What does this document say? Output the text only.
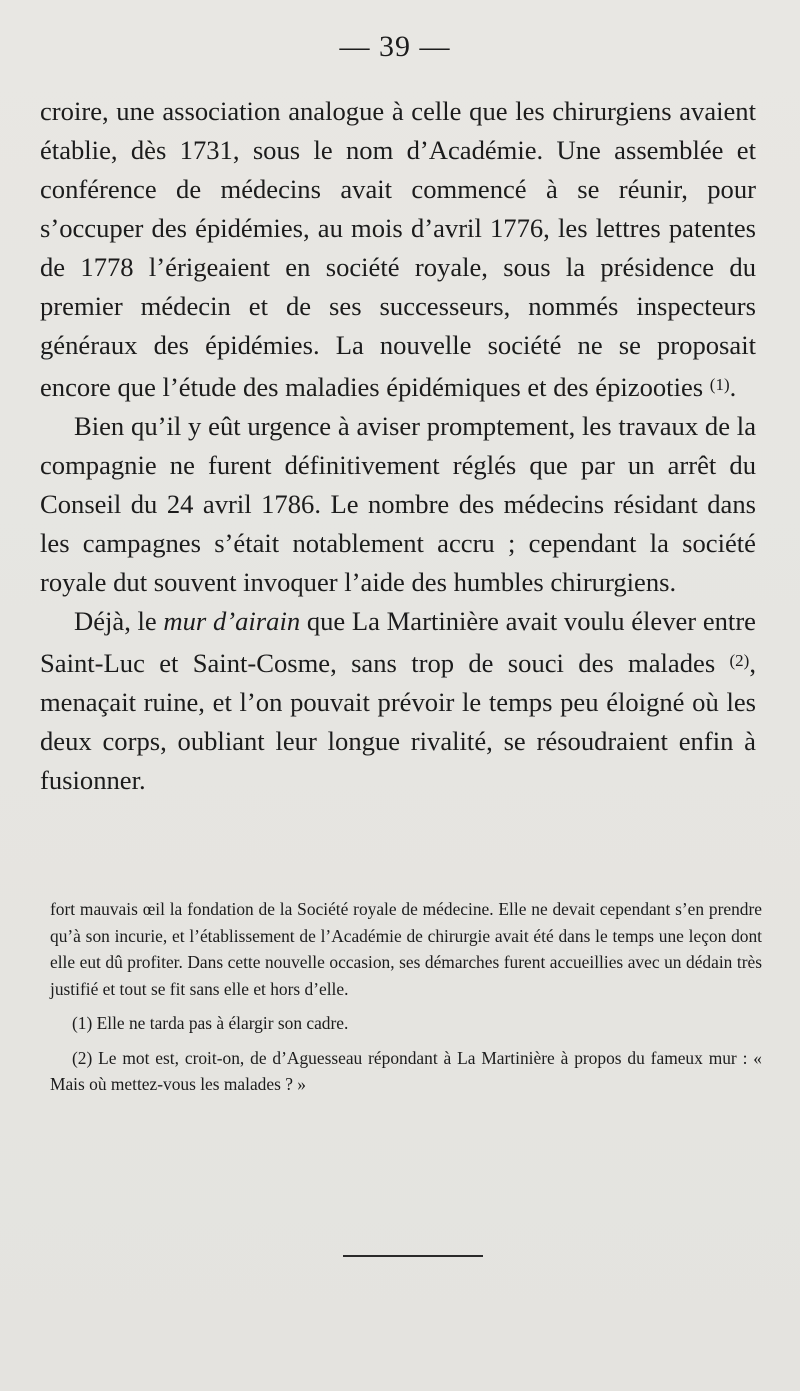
— 39 —

croire, une association analogue à celle que les chirurgiens avaient établie, dès 1731, sous le nom d’Académie. Une assemblée et conférence de médecins avait commencé à se réunir, pour s’occuper des épidémies, au mois d’avril 1776, les lettres patentes de 1778 l’érigeaient en société royale, sous la présidence du premier médecin et de ses successeurs, nommés inspecteurs généraux des épidémies. La nouvelle société ne se proposait encore que l’étude des maladies épidémiques et des épizooties $^{(1)}$.

Bien qu’il y eût urgence à aviser promptement, les travaux de la compagnie ne furent définitivement réglés que par un arrêt du Conseil du 24 avril 1786. Le nombre des médecins résidant dans les campagnes s’était notablement accru ; cependant la société royale dut souvent invoquer l’aide des humbles chirurgiens.

Déjà, le mur d’airain que La Martinière avait voulu élever entre Saint-Luc et Saint-Cosme, sans trop de souci des malades $^{(2)}$, menaçait ruine, et l’on pouvait prévoir le temps peu éloigné où les deux corps, oubliant leur longue rivalité, se résoudraient enfin à fusionner.

fort mauvais œil la fondation de la Société royale de médecine. Elle ne devait cependant s’en prendre qu’à son incurie, et l’établissement de l’Académie de chirurgie avait été dans le temps une leçon dont elle eut dû profiter. Dans cette nouvelle occasion, ses démarches furent accueillies avec un dédain très justifié et tout se fit sans elle et hors d’elle.

(1) Elle ne tarda pas à élargir son cadre.

(2) Le mot est, croit-on, de d’Aguesseau répondant à La Martinière à propos du fameux mur : « Mais où mettez-vous les malades ? »
